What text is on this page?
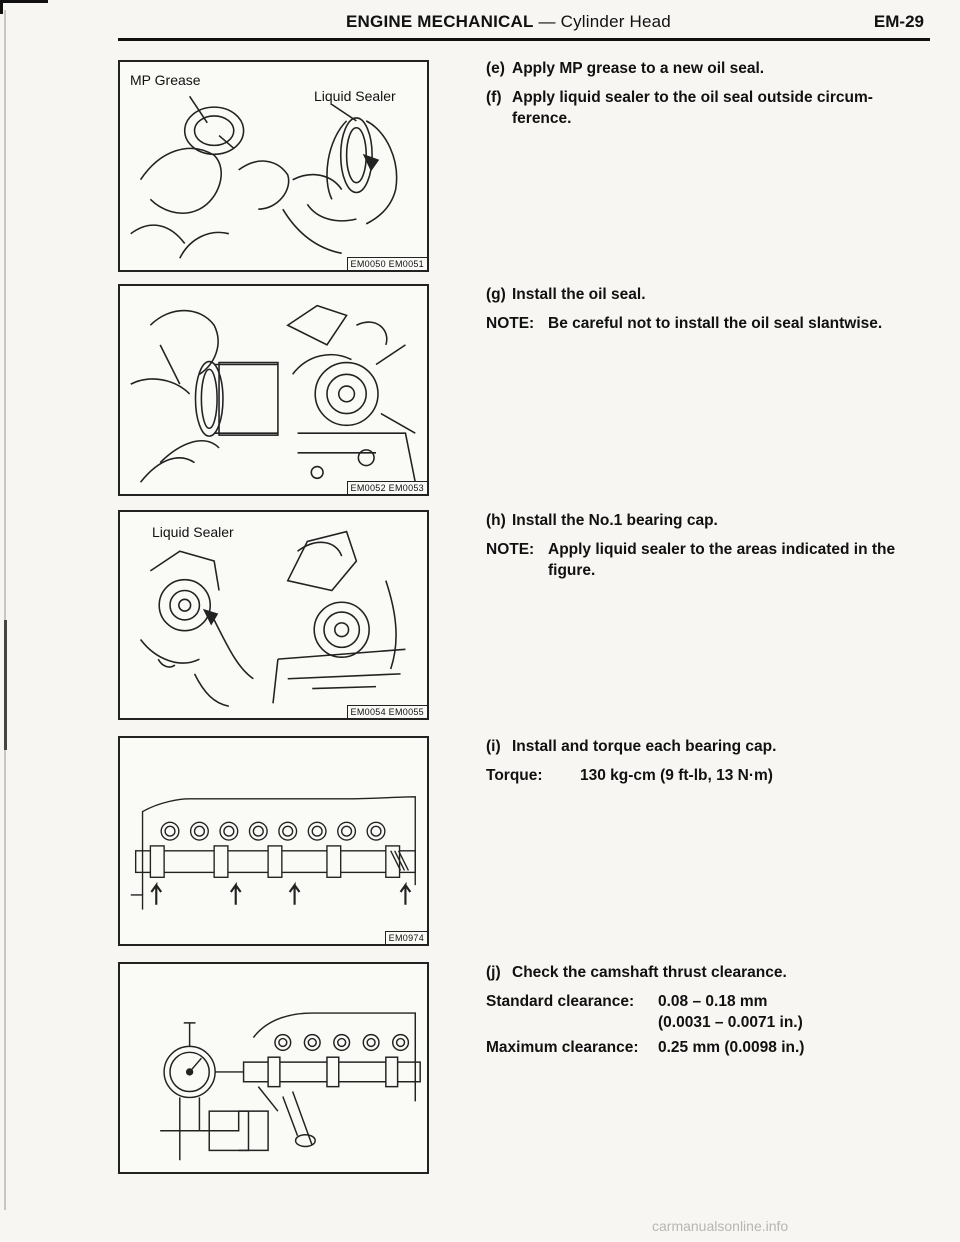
ENGINE MECHANICAL — Cylinder Head	EM-29
MP Grease
Liquid Sealer
EM0050 EM0051
EM0052 EM0053
Liquid Sealer
EM0054 EM0055
EM0974
(e) Apply MP grease to a new oil seal.
(f) Apply liquid sealer to the oil seal outside circum-ference.
(g) Install the oil seal.
NOTE: Be careful not to install the oil seal slantwise.
(h) Install the No.1 bearing cap.
NOTE: Apply liquid sealer to the areas indicated in the figure.
(i) Install and torque each bearing cap.
Torque:	130 kg-cm (9 ft-lb, 13 N·m)
(j) Check the camshaft thrust clearance.
Standard clearance:	0.08 – 0.18 mm
(0.0031 – 0.0071 in.)
Maximum clearance:	0.25 mm (0.0098 in.)
carmanualsonline.info
